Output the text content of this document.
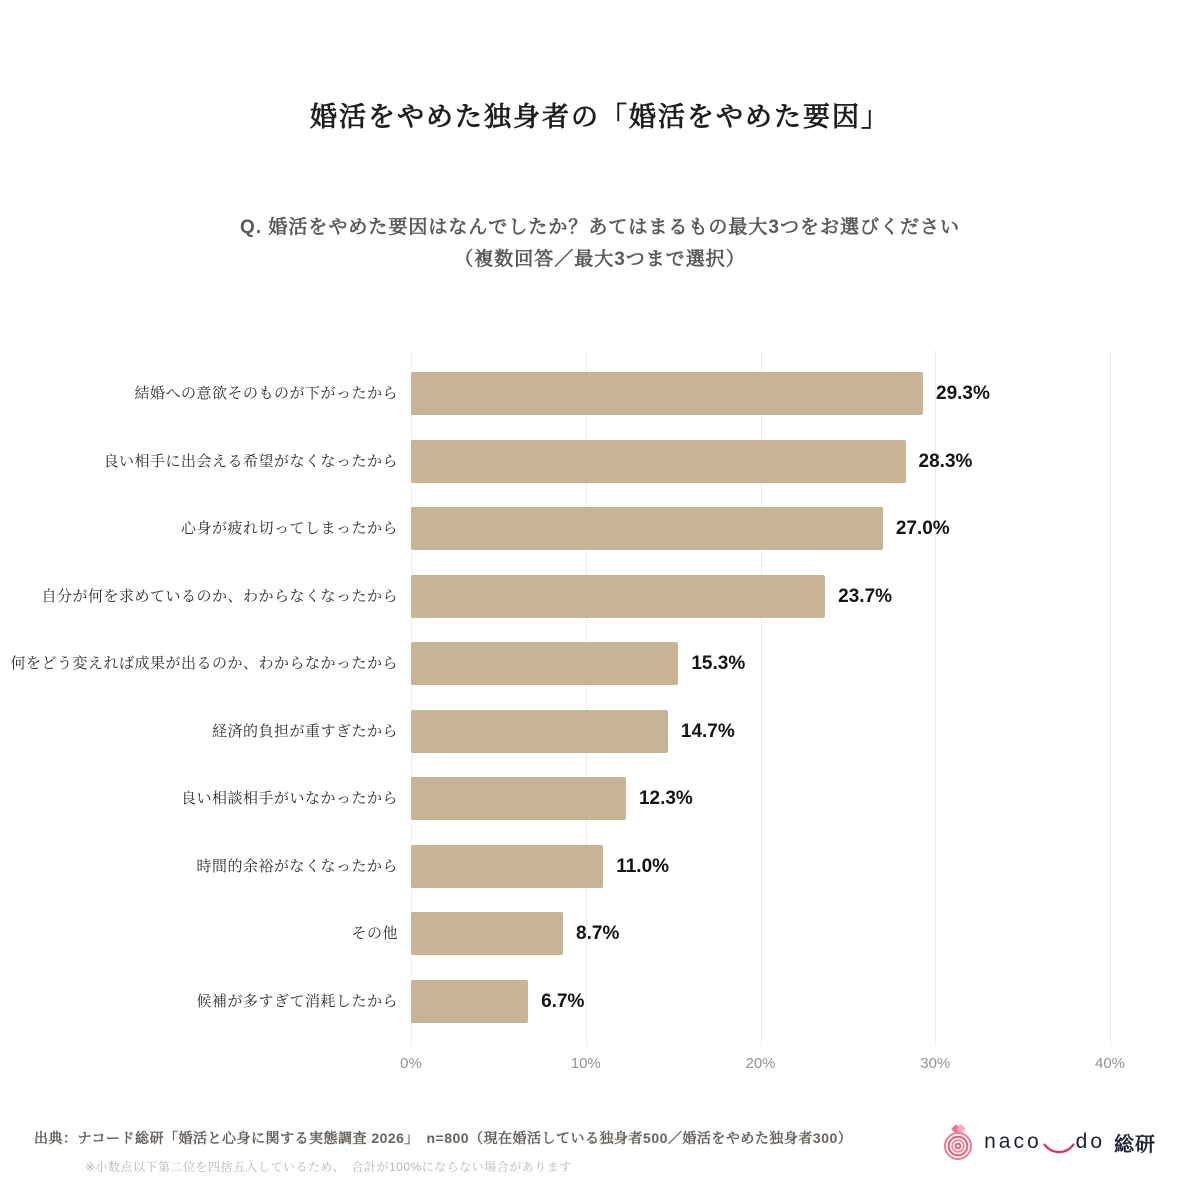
婚活をやめた独身者の「婚活をやめた要因」
Q. 婚活をやめた要因はなんでしたか？あてはまるもの最大3つをお選びください
（複数回答／最大3つまで選択）
結婚への意欲そのものが下がったから	29.3%
良い相手に出会える希望がなくなったから	28.3%
心身が疲れ切ってしまったから	27.0%
自分が何を求めているのか、わからなくなったから	23.7%
何をどう変えれば成果が出るのか、わからなかったから	15.3%
経済的負担が重すぎたから	14.7%
良い相談相手がいなかったから	12.3%
時間的余裕がなくなったから	11.0%
その他	8.7%
候補が多すぎて消耗したから	6.7%
0%	10%	20%	30%	40%
出典：ナコード総研「婚活と心身に関する実態調査 2026」　n=800（現在婚活している独身者500／婚活をやめた独身者300）
※小数点以下第二位を四捨五入しているため、　合計が100%にならない場合があります
naco do 総研
